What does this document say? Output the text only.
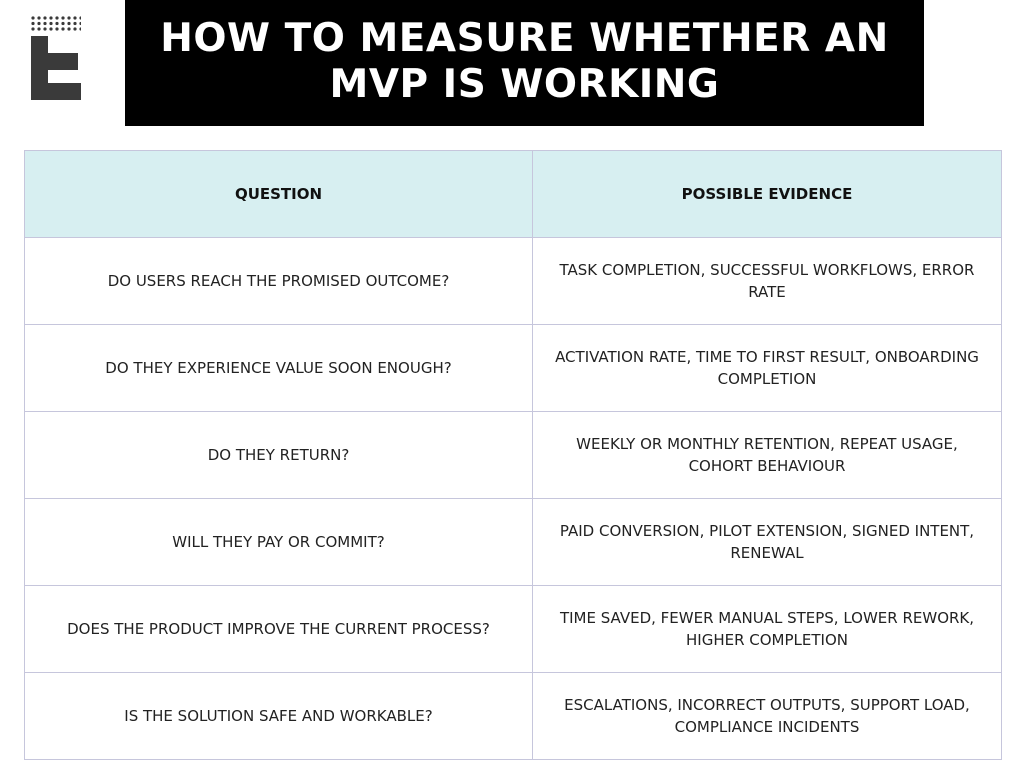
HOW TO MEASURE WHETHER AN MVP IS WORKING
QUESTION	POSSIBLE EVIDENCE
DO USERS REACH THE PROMISED OUTCOME?	TASK COMPLETION, SUCCESSFUL WORKFLOWS, ERROR RATE
DO THEY EXPERIENCE VALUE SOON ENOUGH?	ACTIVATION RATE, TIME TO FIRST RESULT, ONBOARDING COMPLETION
DO THEY RETURN?	WEEKLY OR MONTHLY RETENTION, REPEAT USAGE, COHORT BEHAVIOUR
WILL THEY PAY OR COMMIT?	PAID CONVERSION, PILOT EXTENSION, SIGNED INTENT, RENEWAL
DOES THE PRODUCT IMPROVE THE CURRENT PROCESS?	TIME SAVED, FEWER MANUAL STEPS, LOWER REWORK, HIGHER COMPLETION
IS THE SOLUTION SAFE AND WORKABLE?	ESCALATIONS, INCORRECT OUTPUTS, SUPPORT LOAD, COMPLIANCE INCIDENTS
